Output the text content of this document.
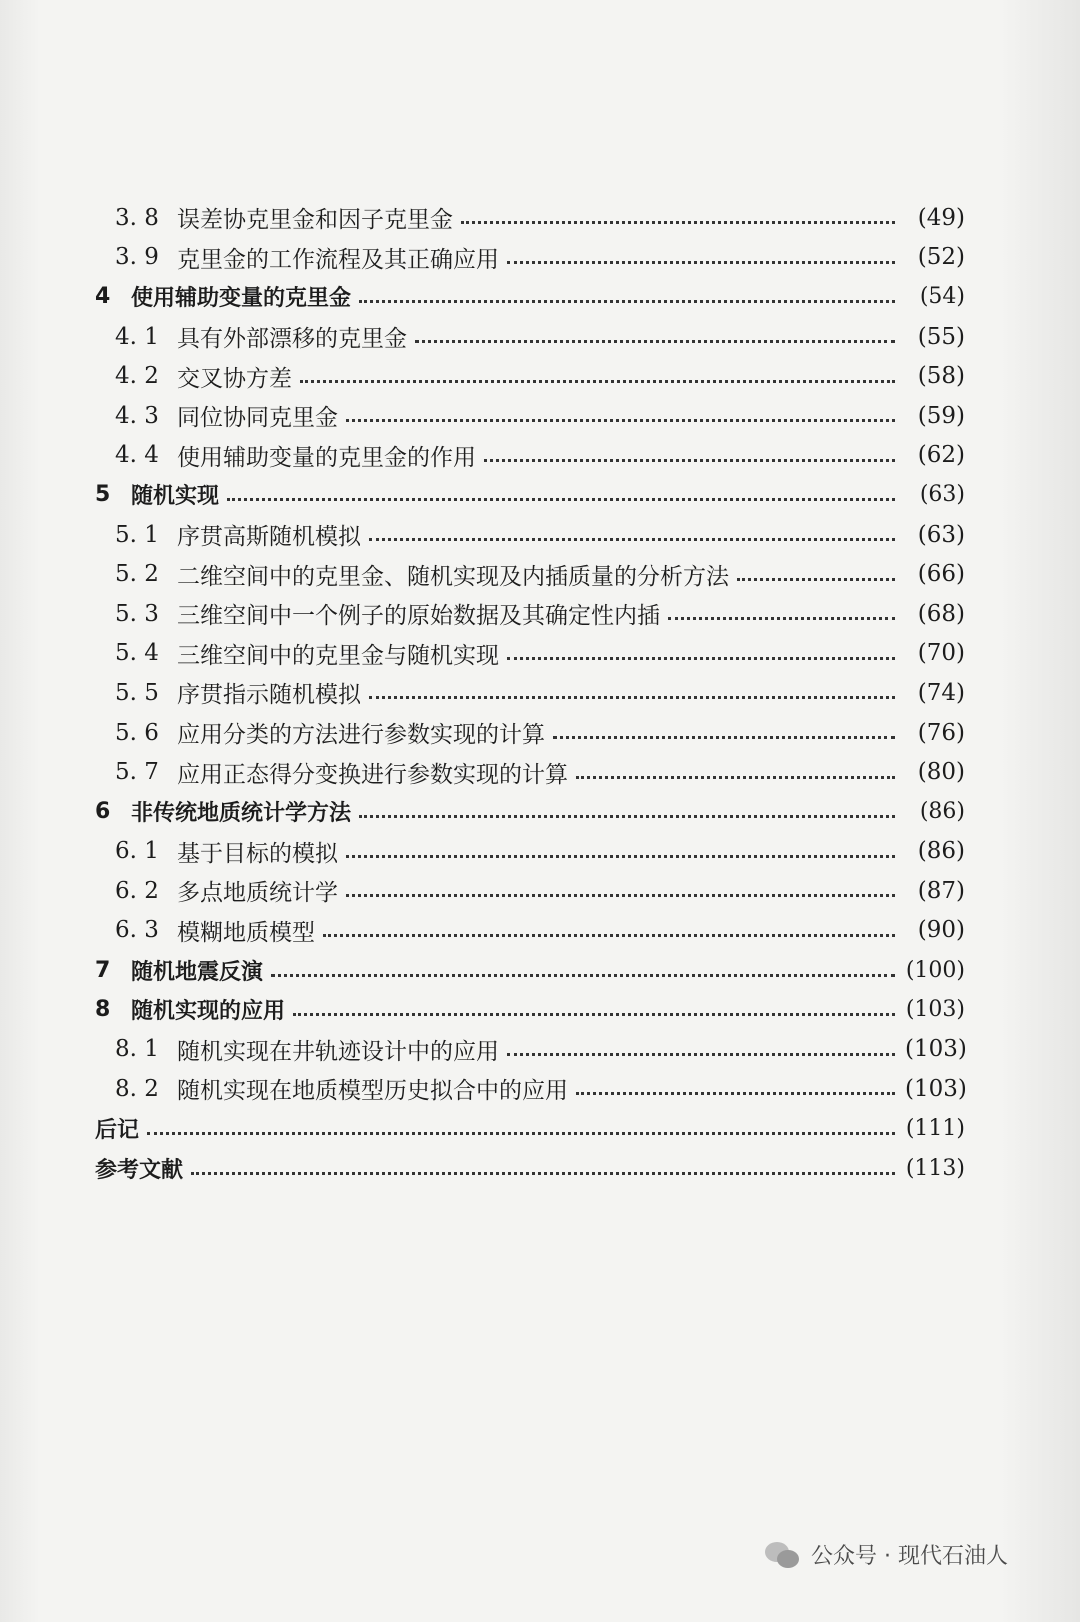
3. 8 误差协克里金和因子克里金	(49)
3. 9 克里金的工作流程及其正确应用	(52)
4 使用辅助变量的克里金	(54)
4. 1 具有外部漂移的克里金	(55)
4. 2 交叉协方差	(58)
4. 3 同位协同克里金	(59)
4. 4 使用辅助变量的克里金的作用	(62)
5 随机实现	(63)
5. 1 序贯高斯随机模拟	(63)
5. 2 二维空间中的克里金、随机实现及内插质量的分析方法	(66)
5. 3 三维空间中一个例子的原始数据及其确定性内插	(68)
5. 4 三维空间中的克里金与随机实现	(70)
5. 5 序贯指示随机模拟	(74)
5. 6 应用分类的方法进行参数实现的计算	(76)
5. 7 应用正态得分变换进行参数实现的计算	(80)
6 非传统地质统计学方法	(86)
6. 1 基于目标的模拟	(86)
6. 2 多点地质统计学	(87)
6. 3 模糊地质模型	(90)
7 随机地震反演	(100)
8 随机实现的应用	(103)
8. 1 随机实现在井轨迹设计中的应用	(103)
8. 2 随机实现在地质模型历史拟合中的应用	(103)
后记	(111)
参考文献	(113)
公众号 · 现代石油人
